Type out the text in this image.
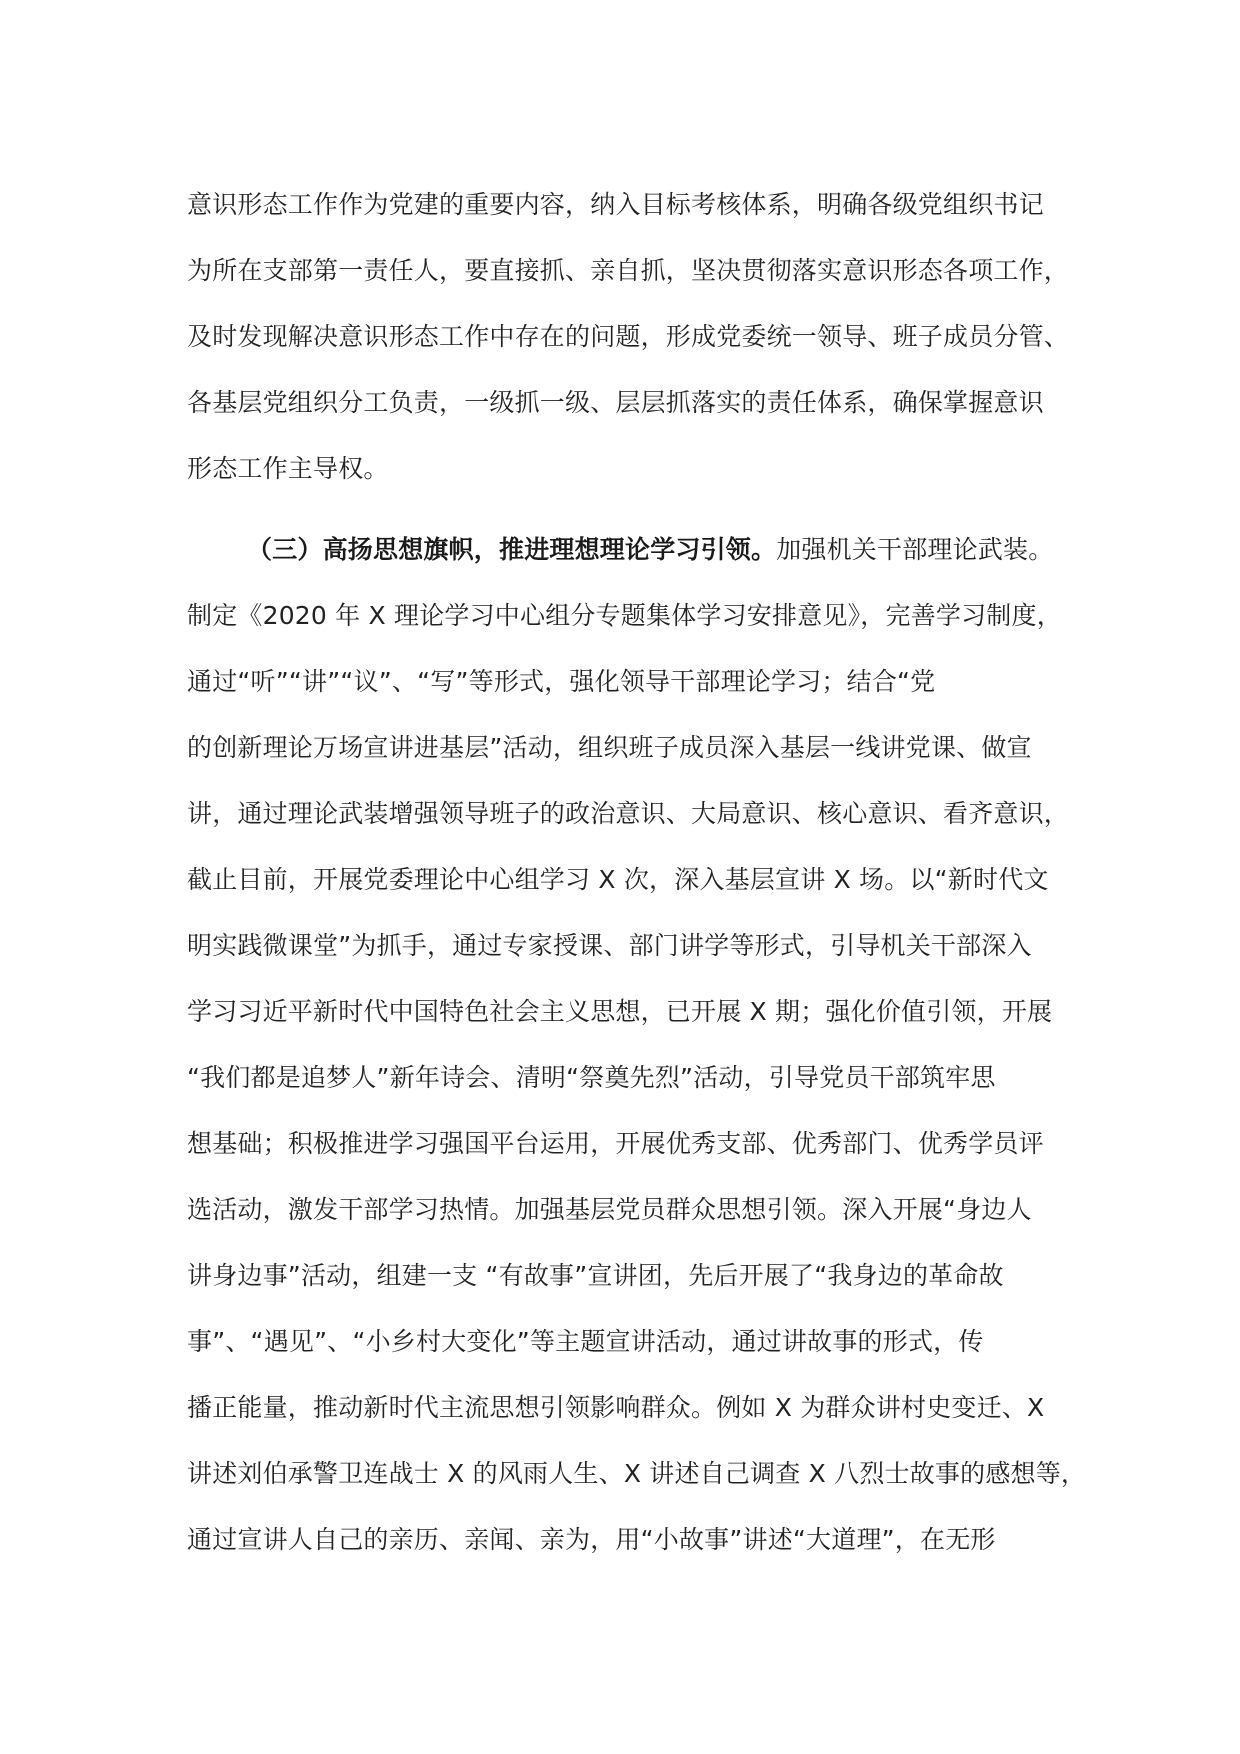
意识形态工作作为党建的重要内容，纳入目标考核体系，明确各级党组织书记
为所在支部第一责任人，要直接抓、亲自抓，坚决贯彻落实意识形态各项工作，
及时发现解决意识形态工作中存在的问题，形成党委统一领导、班子成员分管、
各基层党组织分工负责，一级抓一级、层层抓落实的责任体系，确保掌握意识
形态工作主导权。
（三）高扬思想旗帜，推进理想理论学习引领。加强机关干部理论武装。
制定《2020 年 X 理论学习中心组分专题集体学习安排意见》，完善学习制度，
通过“听”“讲”“议”、“写”等形式，强化领导干部理论学习；结合“党
的创新理论万场宣讲进基层”活动，组织班子成员深入基层一线讲党课、做宣
讲，通过理论武装增强领导班子的政治意识、大局意识、核心意识、看齐意识，
截止目前，开展党委理论中心组学习 X 次，深入基层宣讲 X 场。以“新时代文
明实践微课堂”为抓手，通过专家授课、部门讲学等形式，引导机关干部深入
学习习近平新时代中国特色社会主义思想，已开展 X 期；强化价值引领，开展
“我们都是追梦人”新年诗会、清明“祭奠先烈”活动，引导党员干部筑牢思
想基础；积极推进学习强国平台运用，开展优秀支部、优秀部门、优秀学员评
选活动，激发干部学习热情。加强基层党员群众思想引领。深入开展“身边人
讲身边事”活动，组建一支 “有故事”宣讲团，先后开展了“我身边的革命故
事”、“遇见”、“小乡村大变化”等主题宣讲活动，通过讲故事的形式，传
播正能量，推动新时代主流思想引领影响群众。例如 X 为群众讲村史变迁、X
讲述刘伯承警卫连战士 X 的风雨人生、X 讲述自己调查 X 八烈士故事的感想等，
通过宣讲人自己的亲历、亲闻、亲为，用“小故事”讲述“大道理”，在无形
